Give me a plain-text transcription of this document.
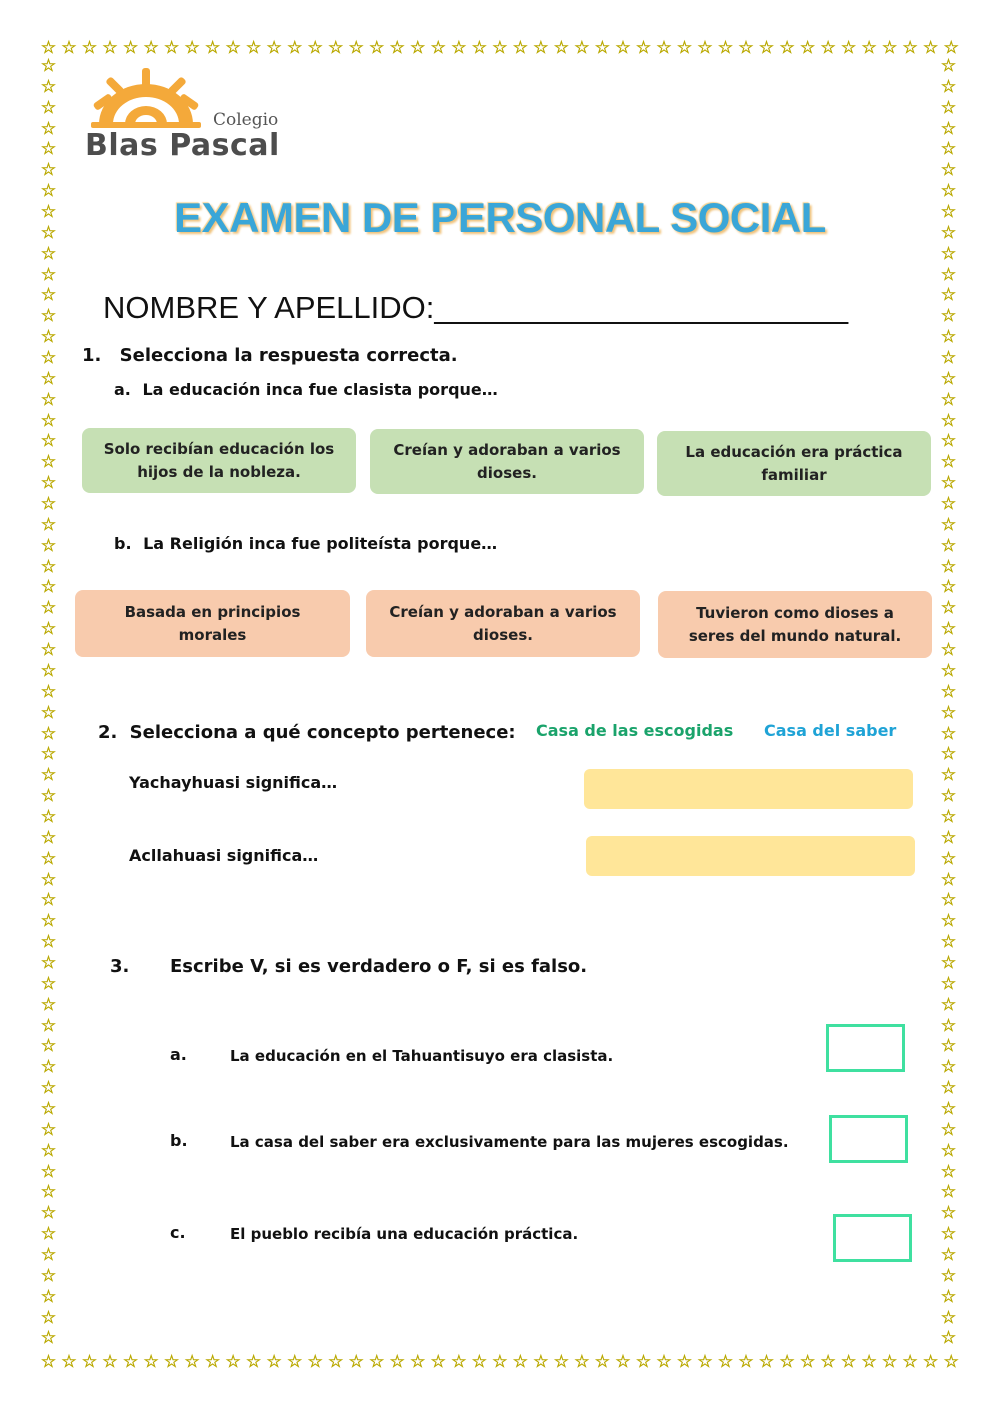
☆ ☆ ☆ ☆ ☆ ☆ ☆ ☆ ☆ ☆ ☆ ☆ ☆ ☆ ☆ ☆ ☆ ☆ ☆ ☆ ☆ ☆ ☆ ☆ ☆ ☆ ☆ ☆ ☆ ☆ ☆ ☆ ☆ ☆ ☆ ☆ ☆ ☆ ☆ ☆ ☆ ☆ ☆ ☆ ☆
☆ ☆ ☆ ☆ ☆ ☆ ☆ ☆ ☆ ☆ ☆ ☆ ☆ ☆ ☆ ☆ ☆ ☆ ☆ ☆ ☆ ☆ ☆ ☆ ☆ ☆ ☆ ☆ ☆ ☆ ☆ ☆ ☆ ☆ ☆ ☆ ☆ ☆ ☆ ☆ ☆ ☆ ☆ ☆ ☆
☆
☆
☆
☆
☆
☆
☆
☆
☆
☆
☆
☆
☆
☆
☆
☆
☆
☆
☆
☆
☆
☆
☆
☆
☆
☆
☆
☆
☆
☆
☆
☆
☆
☆
☆
☆
☆
☆
☆
☆
☆
☆
☆
☆
☆
☆
☆
☆
☆
☆
☆
☆
☆
☆
☆
☆
☆
☆
☆
☆
☆
☆
☆
☆
☆
☆
☆
☆
☆
☆
☆
☆
☆
☆
☆
☆
☆
☆
☆
☆
☆
☆
☆
☆
☆
☆
☆
☆
☆
☆
☆
☆
☆
☆
☆
☆
☆
☆
☆
☆
☆
☆
☆
☆
☆
☆
☆
☆
☆
☆
☆
☆
☆
☆
☆
☆
☆
☆
☆
☆
☆
☆
☆
☆
Colegio
Blas Pascal
EXAMEN DE PERSONAL SOCIAL
NOMBRE Y APELLIDO:________________________
1. Selecciona la respuesta correcta.
a. La educación inca fue clasista porque…
Solo recibían educación los hijos de la nobleza.
Creían y adoraban a varios dioses.
La educación era práctica familiar
b. La Religión inca fue politeísta porque…
Basada en principios morales
Creían y adoraban a varios dioses.
Tuvieron como dioses a seres del mundo natural.
2. Selecciona a qué concepto pertenece: Casa de las escogidas Casa del saber
Yachayhuasi significa…
Acllahuasi significa…
3. Escribe V, si es verdadero o F, si es falso.
a.	La educación en el Tahuantisuyo era clasista.
b.	La casa del saber era exclusivamente para las mujeres escogidas.
c.	El pueblo recibía una educación práctica.
